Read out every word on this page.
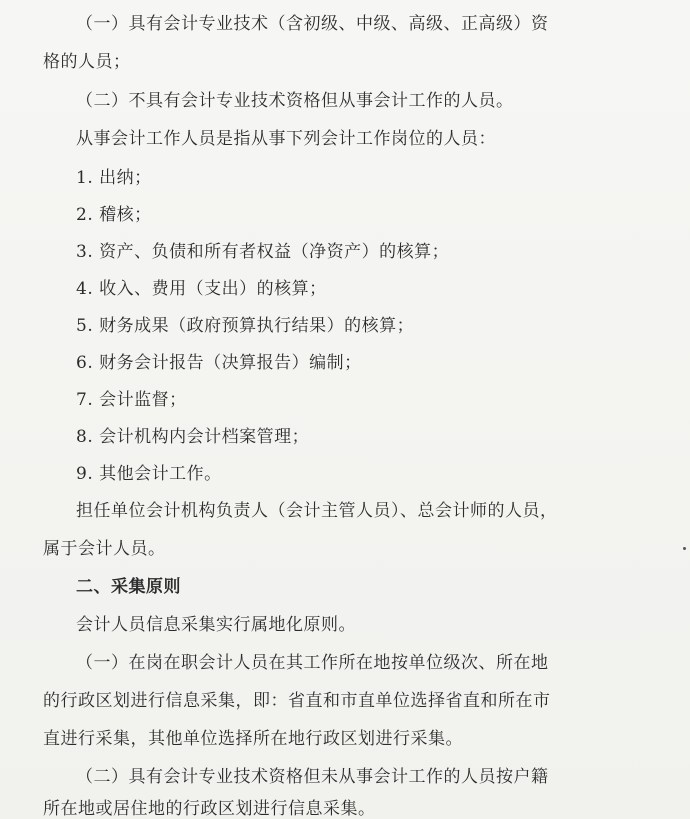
（一）具有会计专业技术（含初级、中级、高级、正高级）资
格的人员；
（二）不具有会计专业技术资格但从事会计工作的人员。
从事会计工作人员是指从事下列会计工作岗位的人员：
1. 出纳；
2. 稽核；
3. 资产、负债和所有者权益（净资产）的核算；
4. 收入、费用（支出）的核算；
5. 财务成果（政府预算执行结果）的核算；
6. 财务会计报告（决算报告）编制；
7. 会计监督；
8. 会计机构内会计档案管理；
9. 其他会计工作。
担任单位会计机构负责人（会计主管人员）、总会计师的人员，
属于会计人员。
二、采集原则
会计人员信息采集实行属地化原则。
（一）在岗在职会计人员在其工作所在地按单位级次、所在地
的行政区划进行信息采集，即：省直和市直单位选择省直和所在市
直进行采集，其他单位选择所在地行政区划进行采集。
（二）具有会计专业技术资格但未从事会计工作的人员按户籍
所在地或居住地的行政区划进行信息采集。
